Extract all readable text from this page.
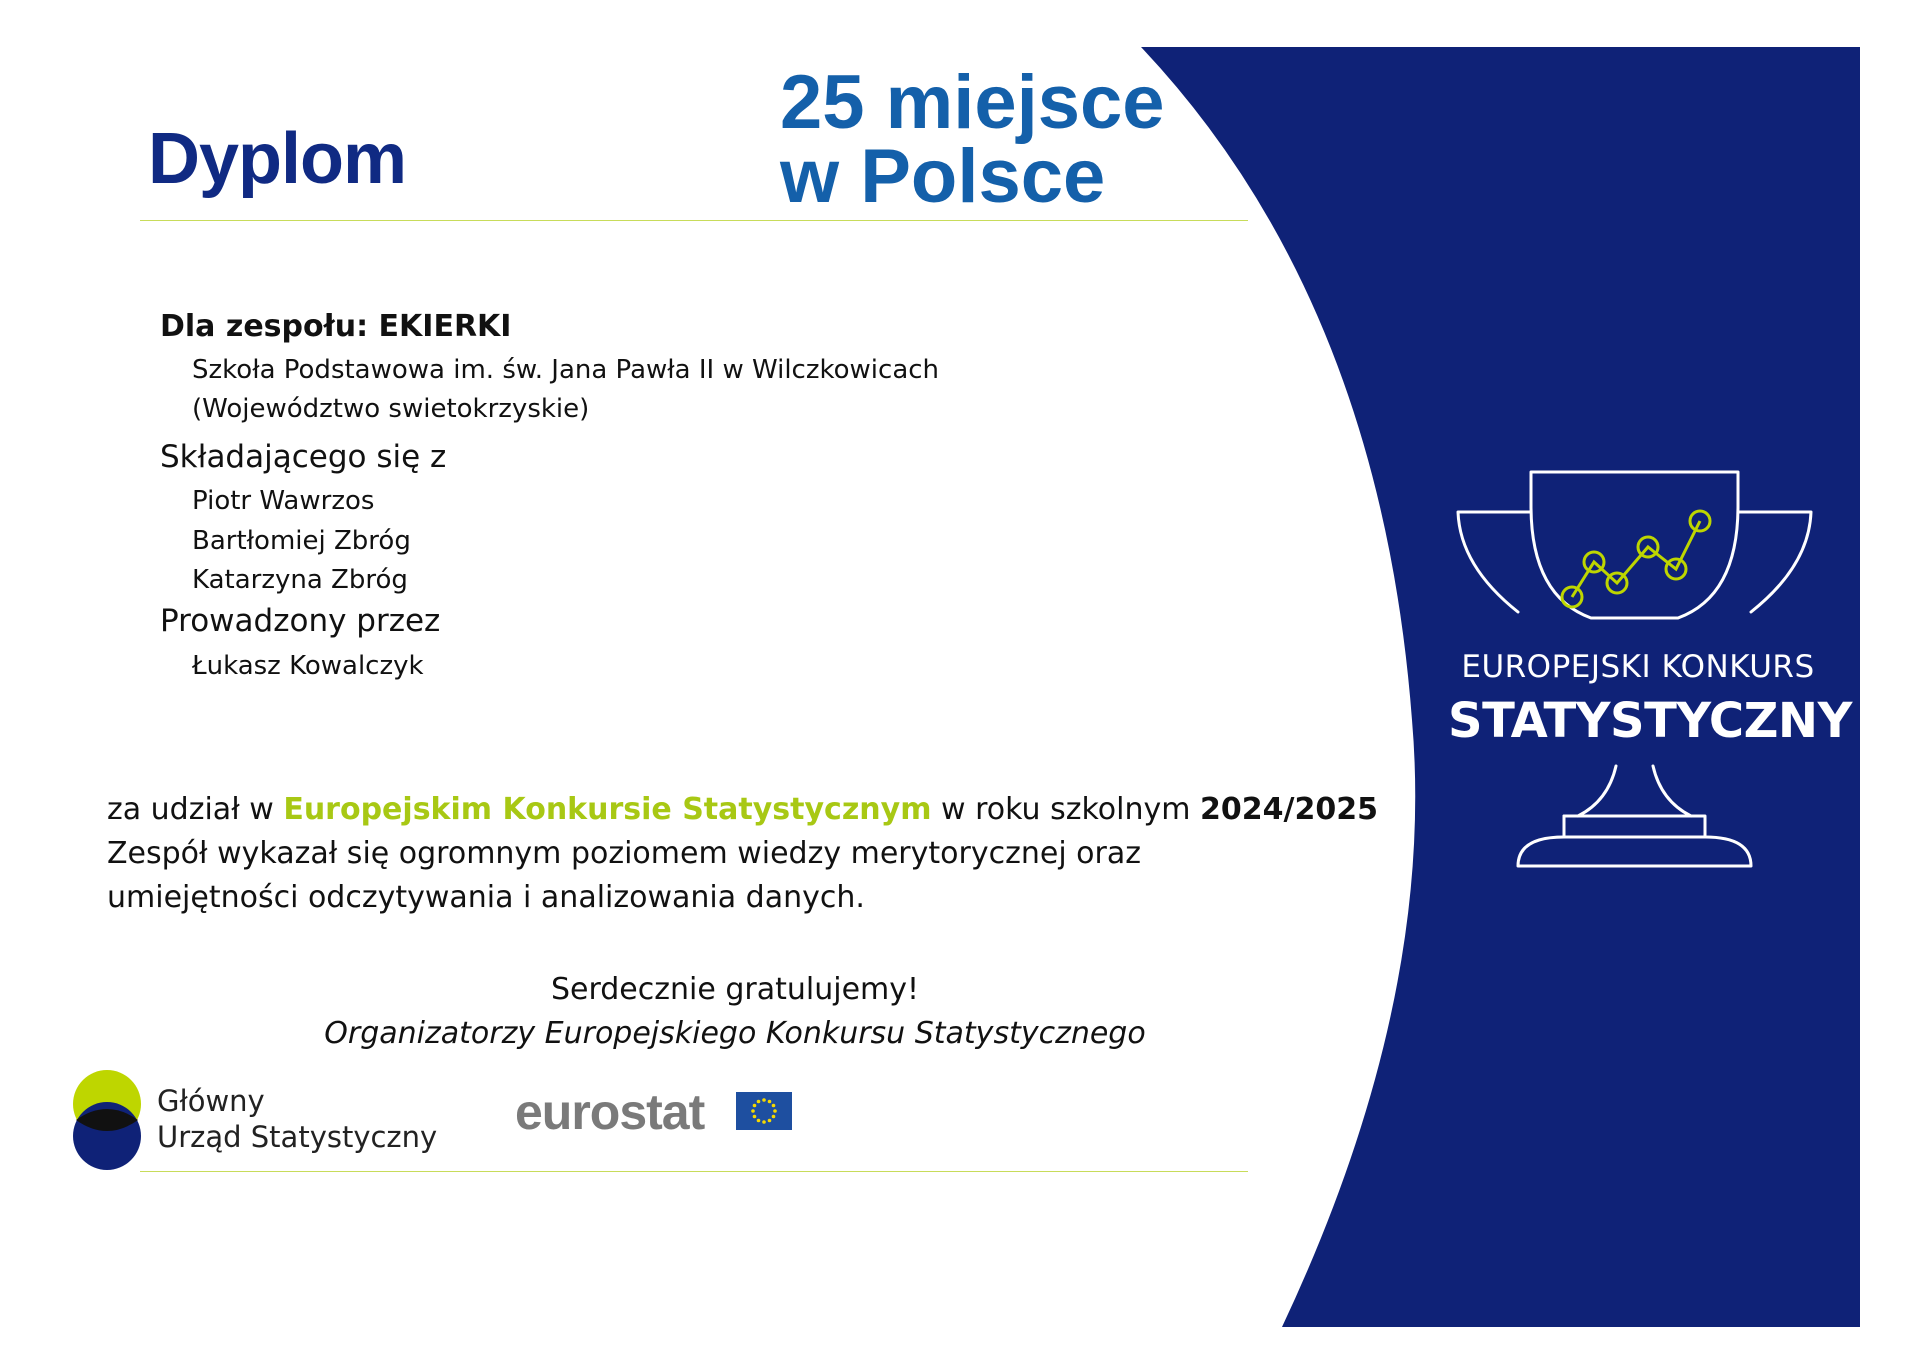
Dyplom
25 miejsce
w Polsce
Dla zespołu: EKIERKI
Szkoła Podstawowa im. św. Jana Pawła II w Wilczkowicach
(Województwo swietokrzyskie)
Składającego się z
Piotr Wawrzos
Bartłomiej Zbróg
Katarzyna Zbróg
Prowadzony przez
Łukasz Kowalczyk
za udział w Europejskim Konkursie Statystycznym w roku szkolnym 2024/2025
Zespół wykazał się ogromnym poziomem wiedzy merytorycznej oraz
umiejętności odczytywania i analizowania danych.
Serdecznie gratulujemy!
Organizatorzy Europejskiego Konkursu Statystycznego
Główny
Urząd Statystyczny eurostat
EUROPEJSKI KONKURS
STATYSTYCZNY
